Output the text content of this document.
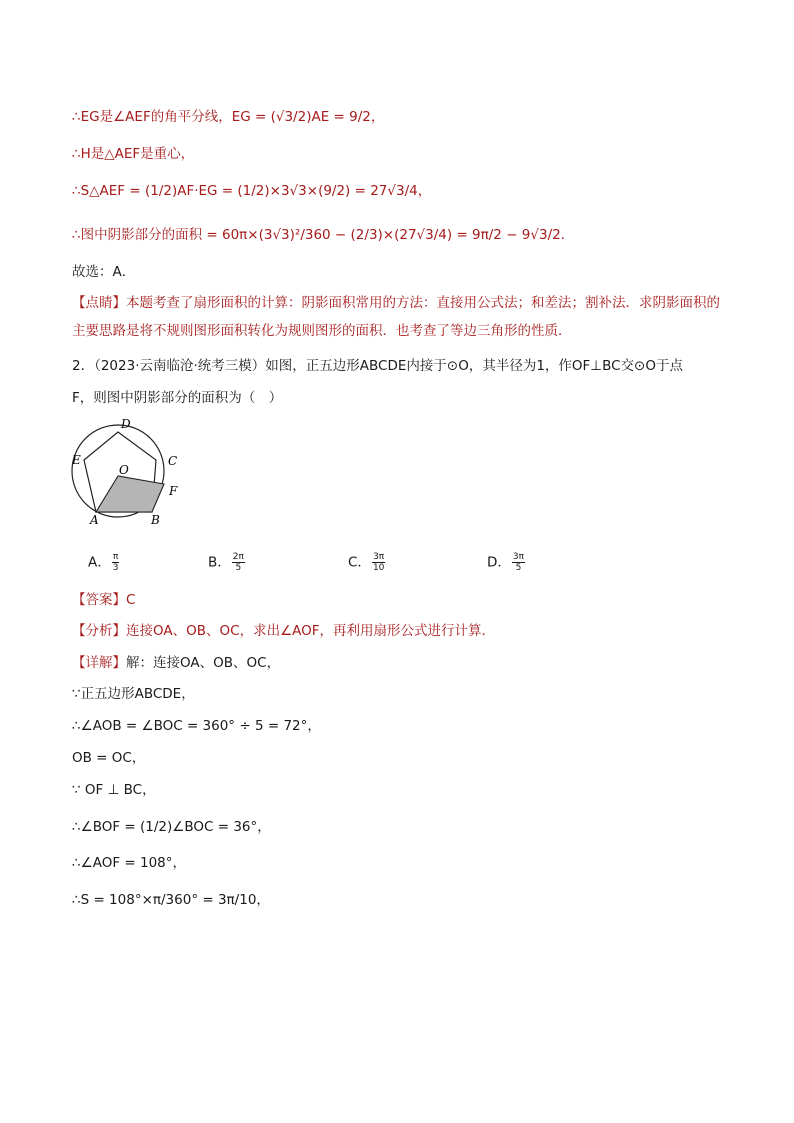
∴EG是∠AEF的角平分线，EG = (√3/2)AE = 9/2，
∴H是△AEF是重心，
∴S△AEF = (1/2)AF·EG = (1/2)×3√3×(9/2) = 27√3/4，
∴图中阴影部分的面积 = 60π×(3√3)²/360 − (2/3)×(27√3/4) = 9π/2 − 9√3/2．
故选：A．
【点睛】本题考查了扇形面积的计算：阴影面积常用的方法：直接用公式法；和差法；割补法．求阴影面积的主要思路是将不规则图形面积转化为规则图形的面积．也考查了等边三角形的性质．
2．（2023·云南临沧·统考三模）如图，正五边形ABCDE内接于⊙O，其半径为1，作OF⊥BC交⊙O于点
F，则图中阴影部分的面积为（　）
D
E	C
O
F
A	B
A． $\frac{\pi}{3}$	B． $\frac{2\pi}{5}$	C． $\frac{3\pi}{10}$	D． $\frac{3\pi}{5}$
【答案】C
【分析】连接OA、OB、OC，求出∠AOF，再利用扇形公式进行计算．
【详解】解：连接OA、OB、OC，
∵正五边形ABCDE，
∴∠AOB = ∠BOC = 360° ÷ 5 = 72°，
OB = OC，
∵ OF ⊥ BC，
∴∠BOF = (1/2)∠BOC = 36°，
∴∠AOF = 108°，
∴S = 108°×π/360° = 3π/10，
